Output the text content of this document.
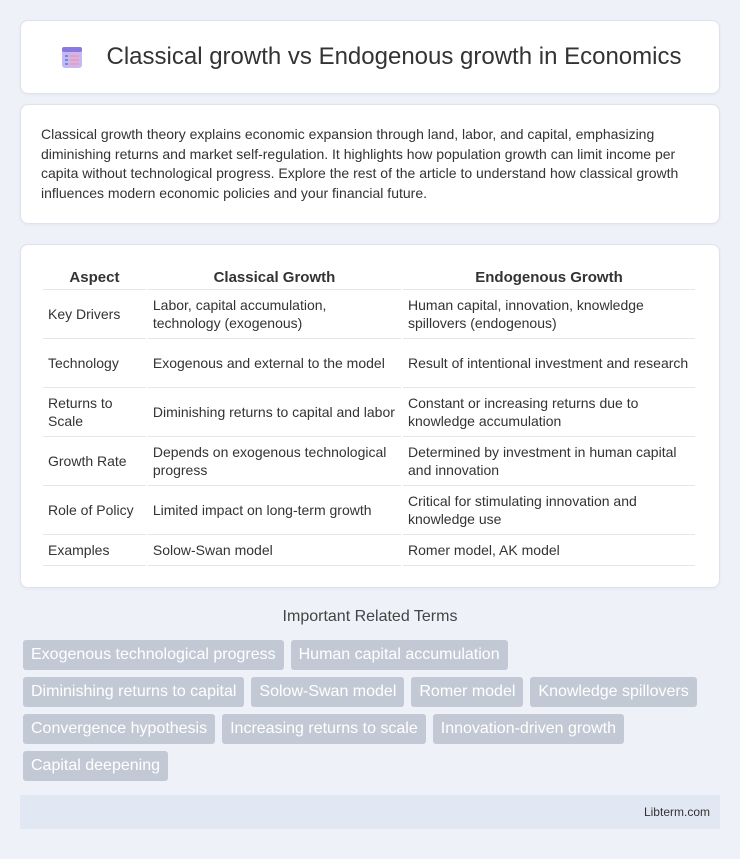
Classical growth vs Endogenous growth in Economics

Classical growth theory explains economic expansion through land, labor, and capital, emphasizing diminishing returns and market self-regulation. It highlights how population growth can limit income per capita without technological progress. Explore the rest of the article to understand how classical growth influences modern economic policies and your financial future.

Aspect	Classical Growth	Endogenous Growth
Key Drivers	Labor, capital accumulation, technology (exogenous)	Human capital, innovation, knowledge spillovers (endogenous)
Technology	Exogenous and external to the model	Result of intentional investment and research
Returns to Scale	Diminishing returns to capital and labor	Constant or increasing returns due to knowledge accumulation
Growth Rate	Depends on exogenous technological progress	Determined by investment in human capital and innovation
Role of Policy	Limited impact on long-term growth	Critical for stimulating innovation and knowledge use
Examples	Solow-Swan model	Romer model, AK model
Important Related Terms
Exogenous technological progress	Human capital accumulation
Diminishing returns to capital	Solow-Swan model	Romer model	Knowledge spillovers
Convergence hypothesis	Increasing returns to scale	Innovation-driven growth
Capital deepening
Libterm.com
